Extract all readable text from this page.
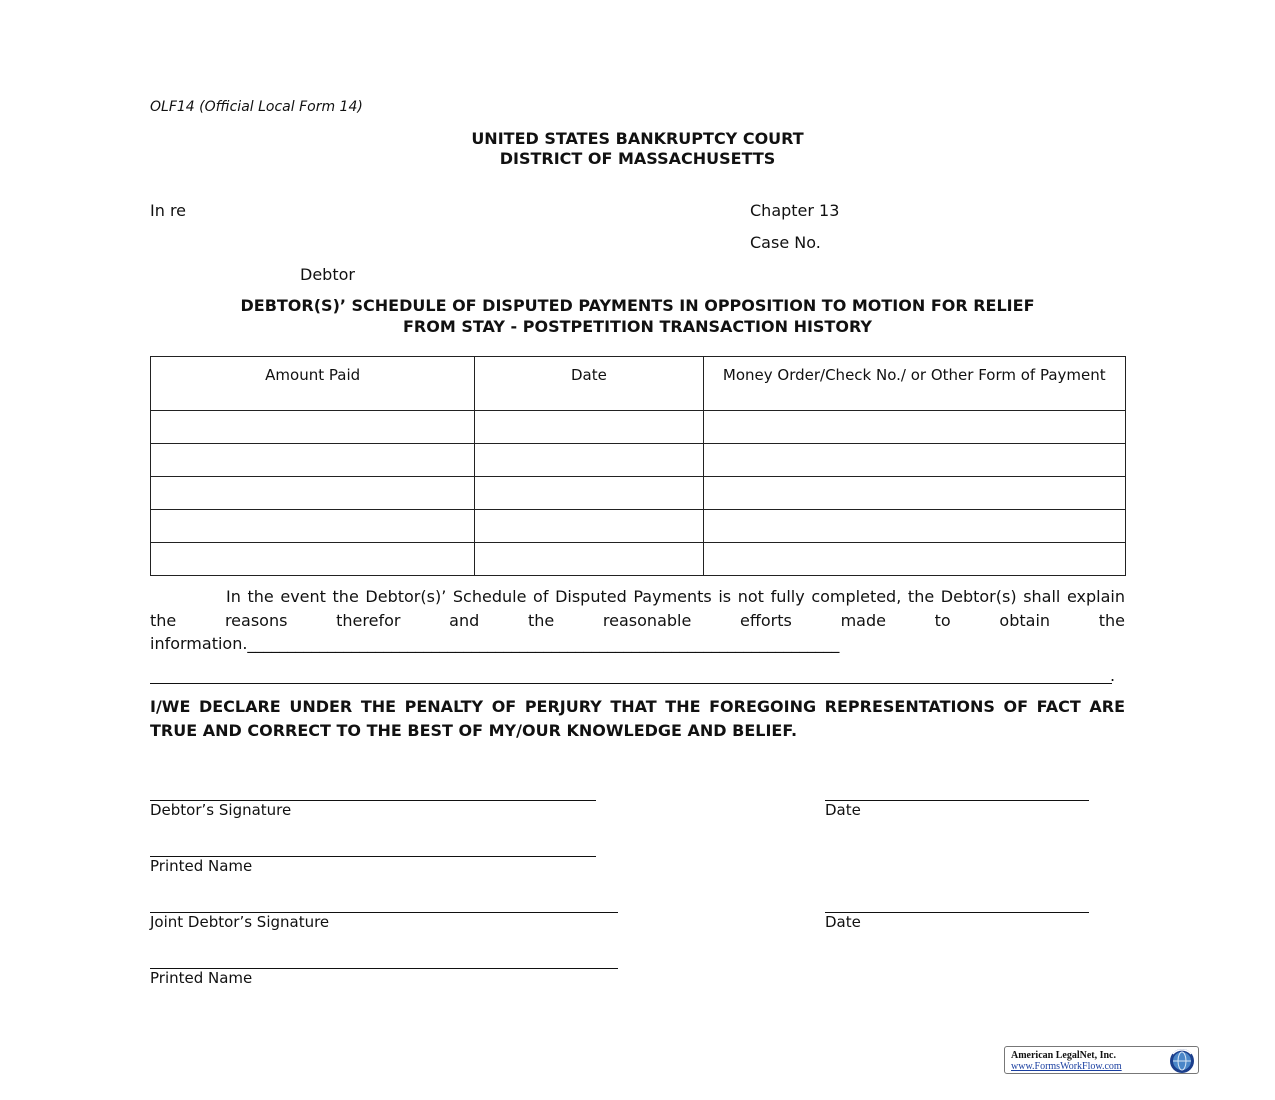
OLF14 (Official Local Form 14)
UNITED STATES BANKRUPTCY COURT
DISTRICT OF MASSACHUSETTS
In re	Chapter 13
Case No.
Debtor
DEBTOR(S)’ SCHEDULE OF DISPUTED PAYMENTS IN OPPOSITION TO MOTION FOR RELIEF
FROM STAY - POSTPETITION TRANSACTION HISTORY
Amount Paid	Date	Money Order/Check No./ or Other Form of Payment

In the event the Debtor(s)’ Schedule of Disputed Payments is not fully completed, the Debtor(s) shall explain the reasons therefor and the reasonable efforts made to obtain the information.__________________________________________________________________________
.
I/WE DECLARE UNDER THE PENALTY OF PERJURY THAT THE FOREGOING REPRESENTATIONS OF FACT ARE TRUE AND CORRECT TO THE BEST OF MY/OUR KNOWLEDGE AND BELIEF.
Debtor’s Signature	Date
Printed Name
Joint Debtor’s Signature	Date
Printed Name
American LegalNet, Inc.
www.FormsWorkFlow.com
